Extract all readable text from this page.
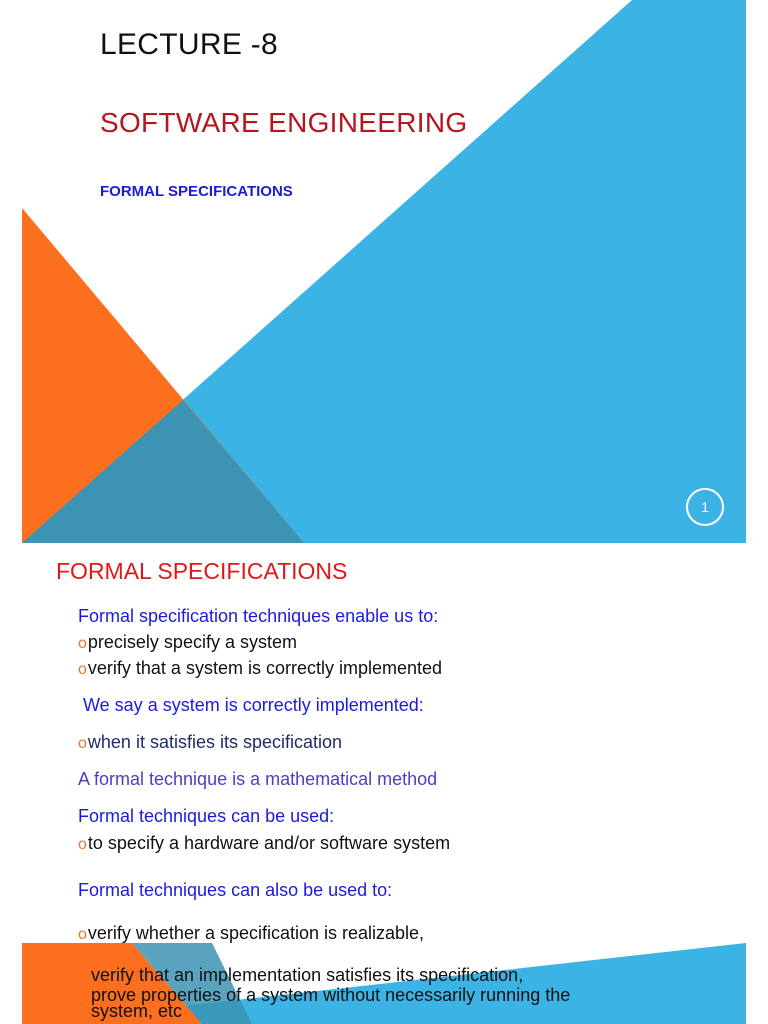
LECTURE -8
SOFTWARE ENGINEERING
FORMAL SPECIFICATIONS
1
FORMAL SPECIFICATIONS
Formal specification techniques enable us to:
oprecisely specify a system
overify that a system is correctly implemented
We say a system is correctly implemented:
owhen it satisfies its specification
A formal technique is a mathematical method
Formal techniques can be used:
oto specify a hardware and/or software system
Formal techniques can also be used to:
overify whether a specification is realizable,
verify that an implementation satisfies its specification,
prove properties of a system without necessarily running the
system, etc
